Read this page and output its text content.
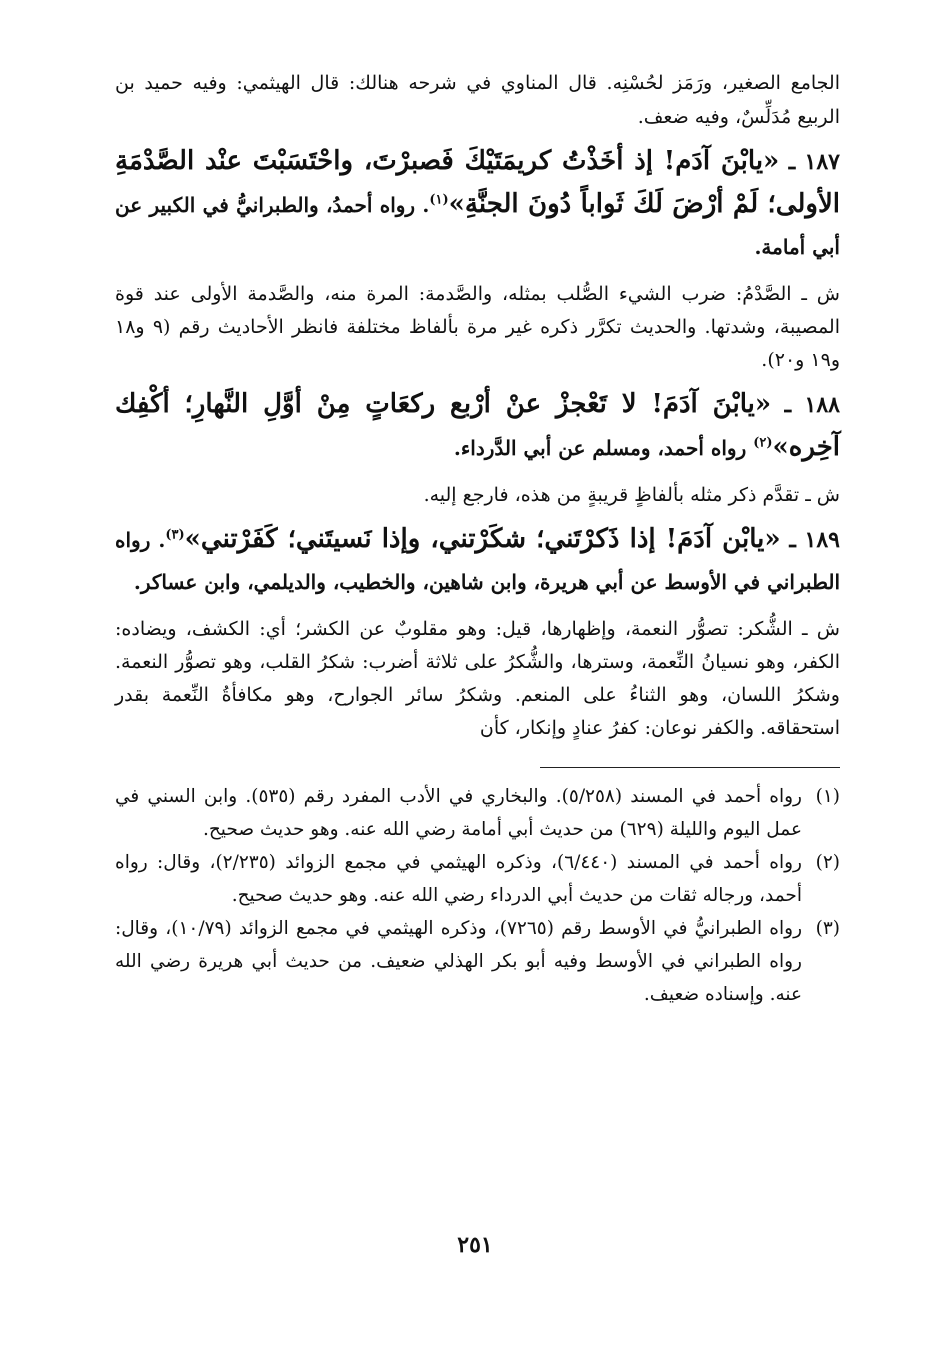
الجامع الصغير، ورَمَز لحُسْنِه. قال المناوي في شرحه هنالك: قال الهيثمي: وفيه حميد بن الربيع مُدَلِّسٌ، وفيه ضعف.

١٨٧ ـ «يابْنَ آدَم! إذ أخَذْتُ كريمَتَيْكَ فَصبرْتَ، واحْتَسَبْتَ عنْد الصَّدْمَةِ الأولى؛ لَمْ أرْضَ لَكَ ثَواباً دُونَ الجنَّةِ»$^{(١)}$. رواه أحمدُ، والطبرانيُّ في الكبير عن أبي أمامة.

ش ـ الصَّدْمُ: ضرب الشيء الصُّلب بمثله، والصَّدمة: المرة منه، والصَّدمة الأولى عند قوة المصيبة، وشدتها. والحديث تكرَّر ذكره غير مرة بألفاظ مختلفة فانظر الأحاديث رقم (٩ و١٨ و١٩ و٢٠).

١٨٨ ـ «يابْنَ آدَمَ! لا تَعْجزْ عنْ أرْبع ركعَاتٍ مِنْ أوَّلِ النَّهارِ؛ أكْفِك آخِره»$^{(٢)}$ رواه أحمد، ومسلم عن أبي الدَّرداء.

ش ـ تقدَّم ذكر مثله بألفاظٍ قريبةٍ من هذه، فارجع إليه.

١٨٩ ـ «يابْن آدَمَ! إذا ذَكرْتَني؛ شكَرْتني، وإذا نَسيتَني؛ كَفَرْتني»$^{(٣)}$. رواه الطبراني في الأوسط عن أبي هريرة، وابن شاهين، والخطيب، والديلمي، وابن عساكر.

ش ـ الشُّكر: تصوُّر النعمة، وإظهارها، قيل: وهو مقلوبٌ عن الكشر؛ أي: الكشف، ويضاده: الكفر، وهو نسيانُ النِّعمة، وسترها، والشُّكرُ على ثلاثة أضرب: شكرُ القلب، وهو تصوُّر النعمة. وشكرُ اللسان، وهو الثناءُ على المنعم. وشكرُ سائر الجوارح، وهو مكافأةُ النِّعمة بقدر استحقاقه. والكفر نوعان: كفرُ عنادٍ وإنكار، كأن

(١)
رواه أحمد في المسند (٥/٢٥٨). والبخاري في الأدب المفرد رقم (٥٣٥). وابن السني في عمل اليوم والليلة (٦٢٩) من حديث أبي أمامة رضي الله عنه. وهو حديث صحيح.
(٢)
رواه أحمد في المسند (٦/٤٤٠)، وذكره الهيثمي في مجمع الزوائد (٢/٢٣٥)، وقال: رواه أحمد، ورجاله ثقات من حديث أبي الدرداء رضي الله عنه. وهو حديث صحيح.
(٣)
رواه الطبرانيُّ في الأوسط رقم (٧٢٦٥)، وذكره الهيثمي في مجمع الزوائد (١٠/٧٩)، وقال: رواه الطبراني في الأوسط وفيه أبو بكر الهذلي ضعيف. من حديث أبي هريرة رضي الله عنه. وإسناده ضعيف.
٢٥١
